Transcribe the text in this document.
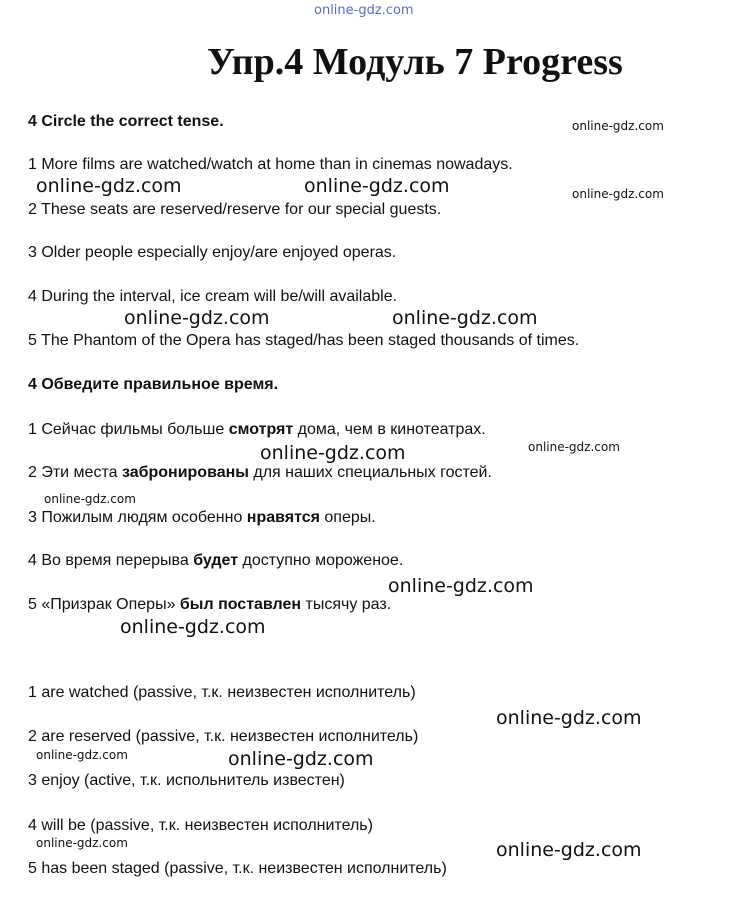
online-gdz.com
Упр.4 Модуль 7 Progress
4 Circle the correct tense.
1 More films are watched/watch at home than in cinemas nowadays.
2 These seats are reserved/reserve for our special guests.
3 Older people especially enjoy/are enjoyed operas.
4 During the interval, ice cream will be/will available.
5 The Phantom of the Opera has staged/has been staged thousands of times.
4 Обведите правильное время.
1 Сейчас фильмы больше смотрят дома, чем в кинотеатрах.
2 Эти места забронированы для наших специальных гостей.
3 Пожилым людям особенно нравятся оперы.
4 Во время перерыва будет доступно мороженое.
5 «Призрак Оперы» был поставлен тысячу раз.
1 are watched (passive, т.к. неизвестен исполнитель)
2 are reserved (passive, т.к. неизвестен исполнитель)
3 enjoy (active, т.к. испольнитель известен)
4 will be (passive, т.к. неизвестен исполнитель)
5 has been staged (passive, т.к. неизвестен исполнитель)
online-gdz.com
online-gdz.com	online-gdz.com	online-gdz.com
online-gdz.com	online-gdz.com
online-gdz.com
online-gdz.com
online-gdz.com
online-gdz.com
online-gdz.com
online-gdz.com
online-gdz.com	online-gdz.com
online-gdz.com	online-gdz.com
